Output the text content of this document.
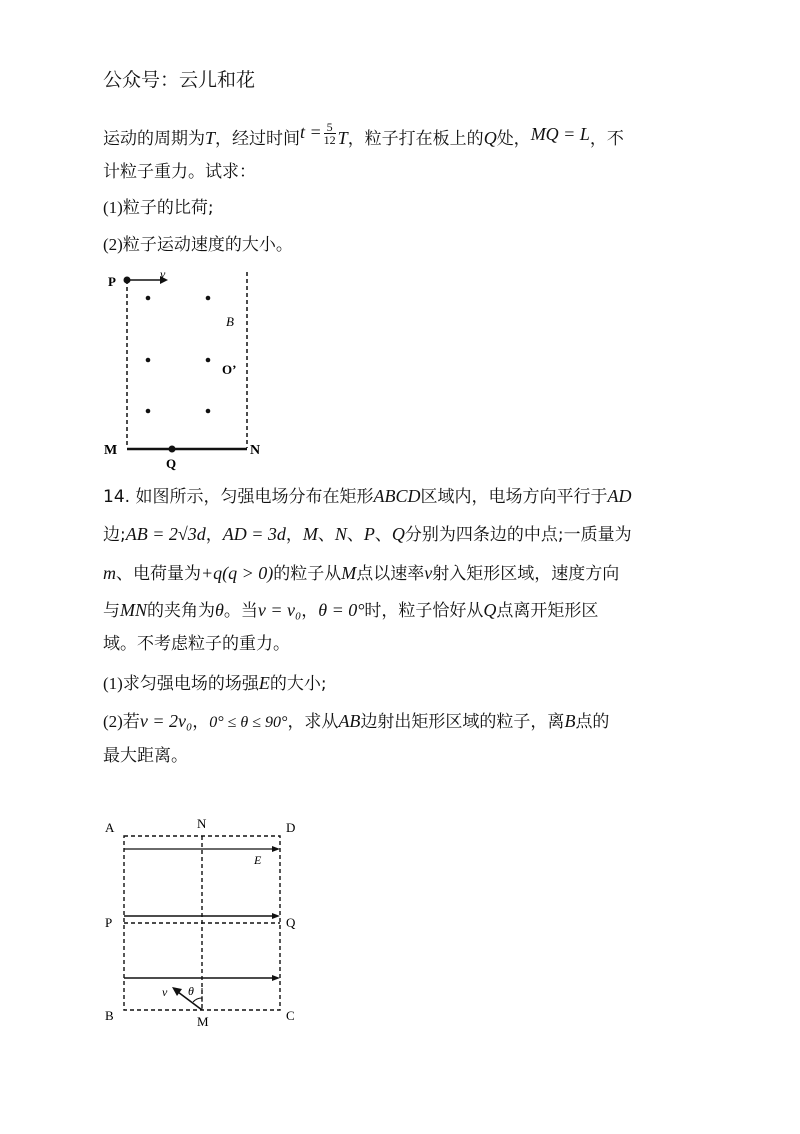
公众号：云儿和花
运动的周期为T，经过时间$t = \frac{5}{12}$ T，粒子打在板上的Q处，MQ = L，不
计粒子重力。试求：
(1)粒子的比荷;
(2)粒子运动速度的大小。
P	v
B
O’
M
Q
N
14. 如图所示，匀强电场分布在矩形ABCD区域内，电场方向平行于AD
边;AB = 2√3d，AD = 3d，M、N、P、Q分别为四条边的中点;一质量为
m、电荷量为+q(q > 0)的粒子从M点以速率v射入矩形区域，速度方向
与MN的夹角为θ。当v = v₀，θ = 0°时，粒子恰好从Q点离开矩形区
域。不考虑粒子的重力。
(1)求匀强电场的场强E的大小;
(2)若v = 2v₀，0° ≤ θ ≤ 90°，求从AB边射出矩形区域的粒子，离B点的
最大距离。
A	N	D
E
P	Q
v θ
B	M	C
